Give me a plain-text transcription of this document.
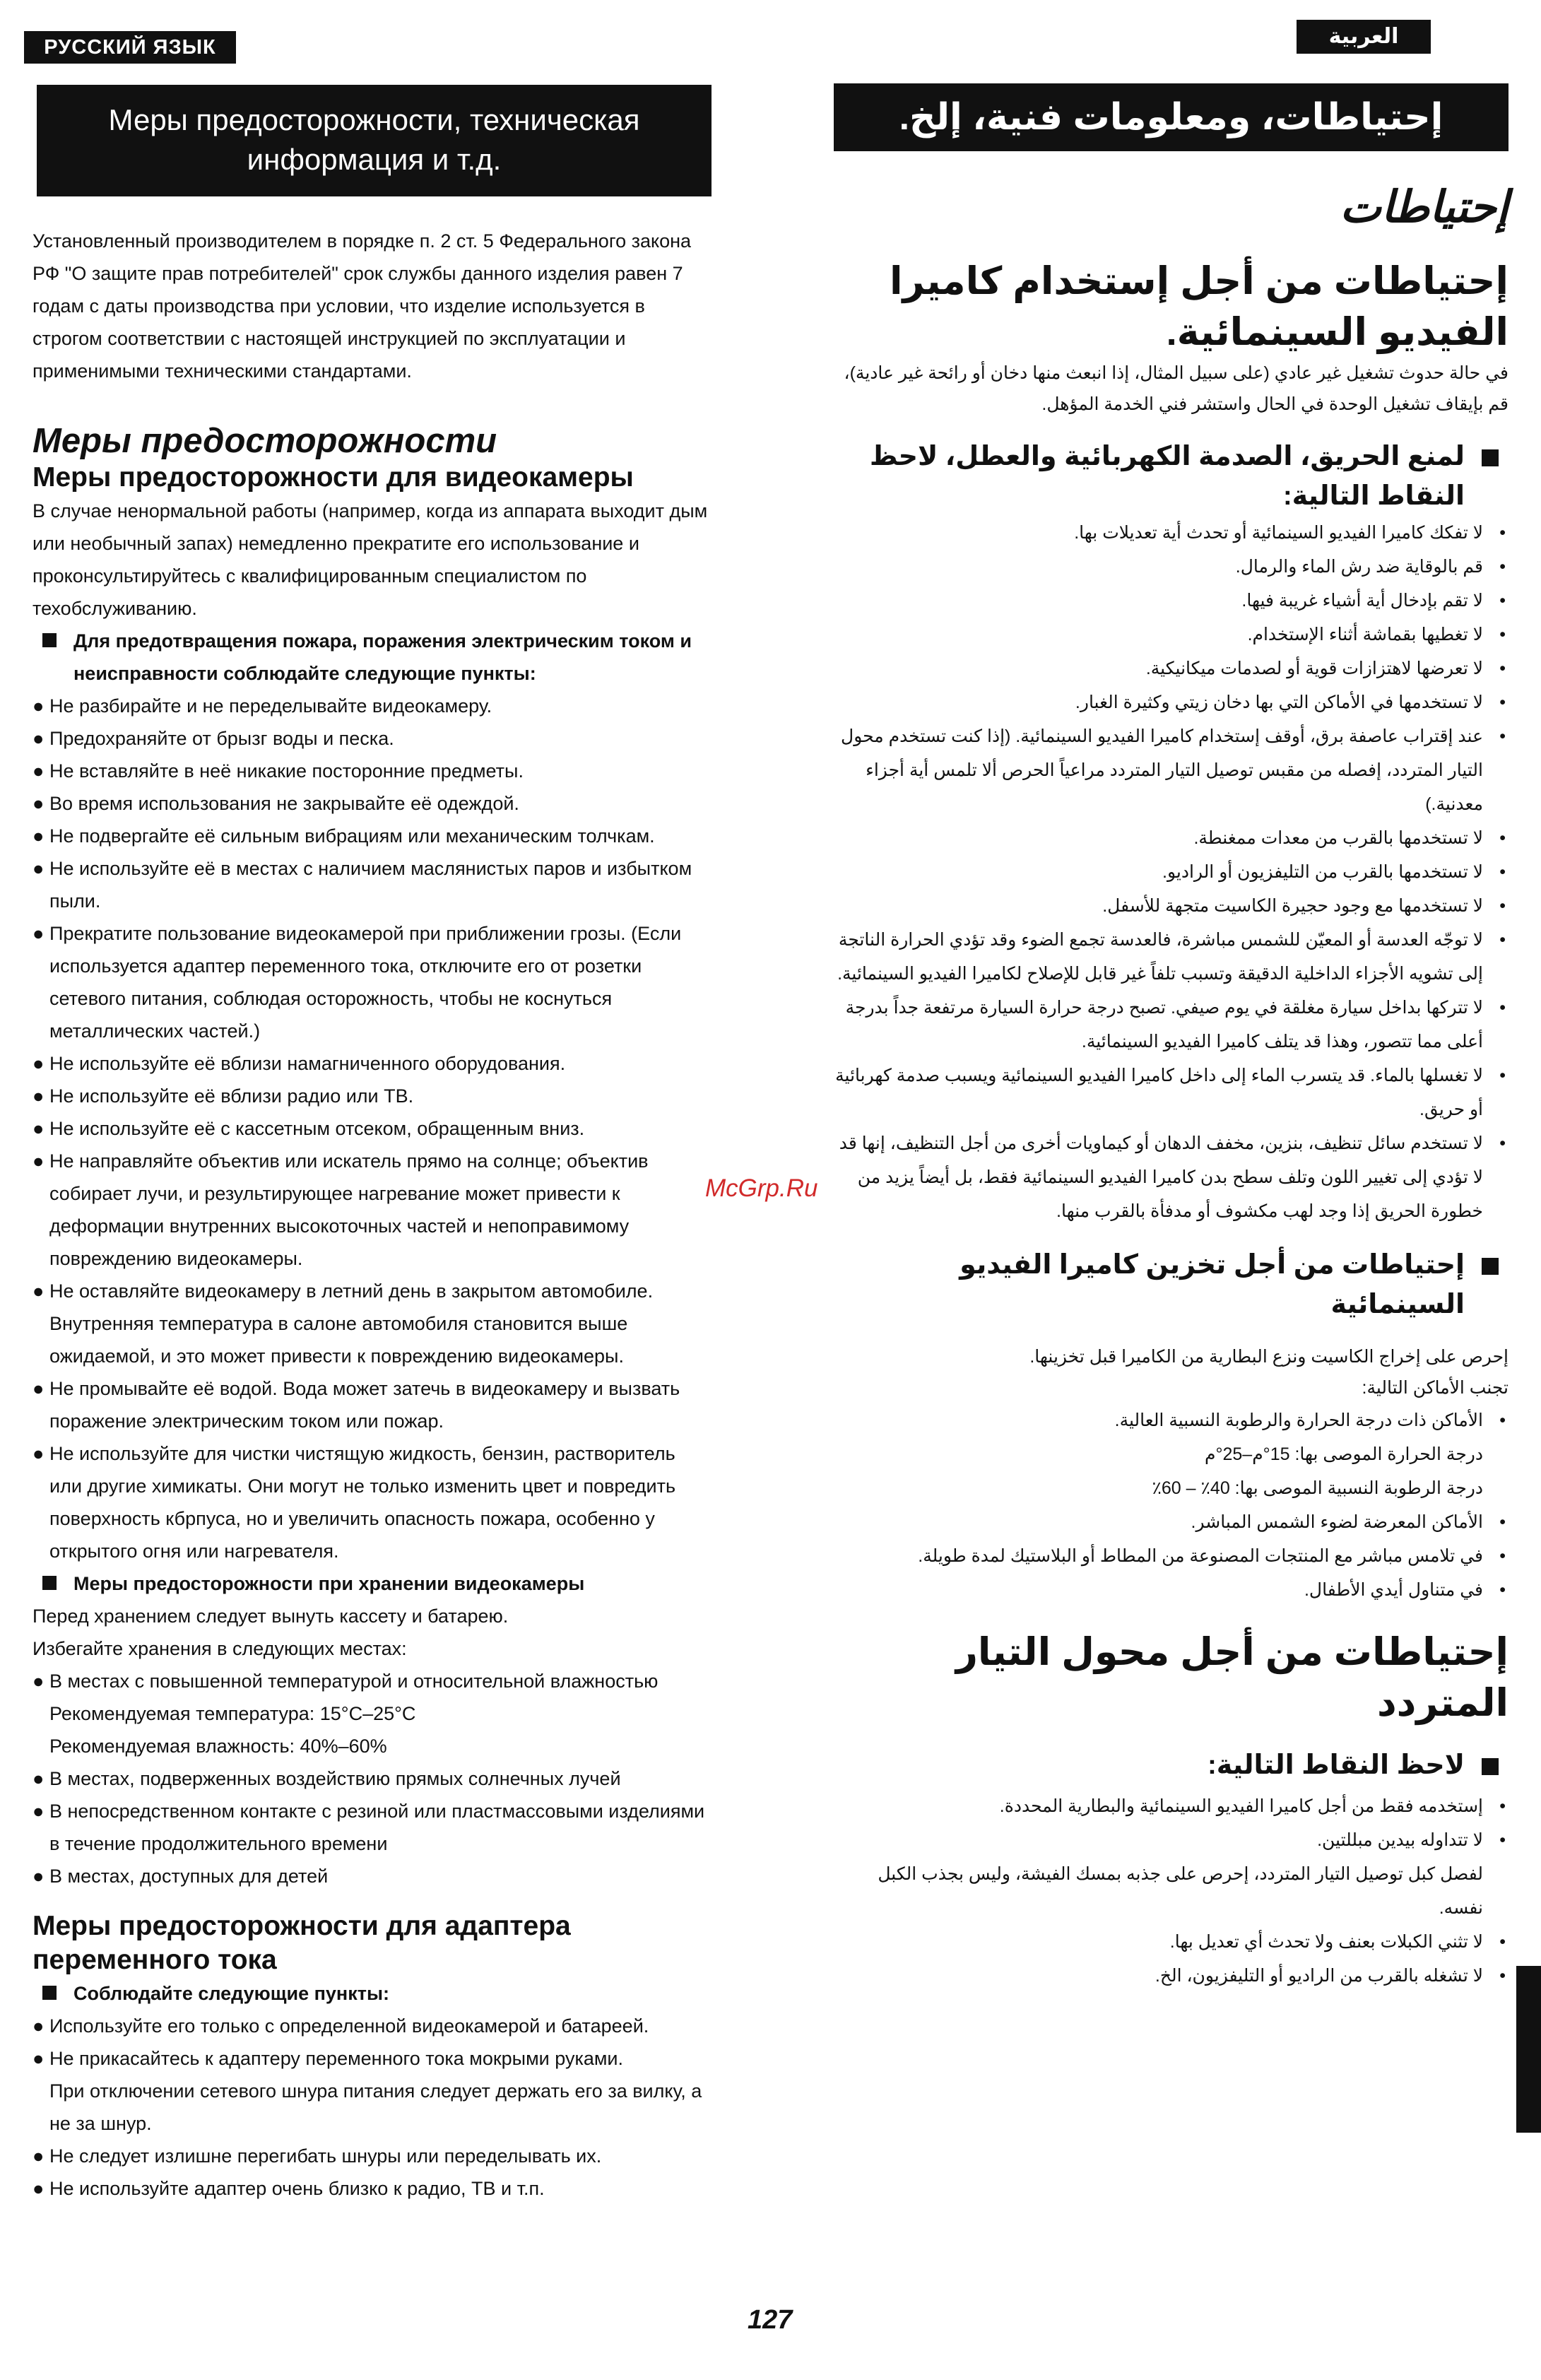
РУССКИЙ ЯЗЫК	العربية
Меры предосторожности, техническая информация и т.д.
Установленный производителем в порядке п. 2 ст. 5 Федерального закона РФ "О защите прав потребителей" срок службы данного изделия равен 7 годам с даты производства при условии, что изделие используется в строгом соответствии с настоящей инструкцией по эксплуатации и применимыми техническими стандартами.
Меры предосторожности
Меры предосторожности для видеокамеры
В случае ненормальной работы (например, когда из аппарата выходит дым или необычный запах) немедленно прекратите его использование и проконсультируйтесь с квалифицированным специалистом по техобслуживанию.
Для предотвращения пожара, поражения электрическим током и неисправности соблюдайте следующие пункты:
● Не разбирайте и не переделывайте видеокамеру.
● Предохраняйте от брызг воды и песка.
● Не вставляйте в неё никакие посторонние предметы.
● Во время использования не закрывайте её одеждой.
● Не подвергайте её сильным вибрациям или механическим толчкам.
● Не используйте её в местах с наличием маслянистых паров и избытком пыли.
● Прекратите пользование видеокамерой при приближении грозы. (Если используется адаптер переменного тока, отключите его от розетки сетевого питания, соблюдая осторожность, чтобы не коснуться металлических частей.)
● Не используйте её вблизи намагниченного оборудования.
● Не используйте её вблизи радио или ТВ.
● Не используйте её с кассетным отсеком, обращенным вниз.
● Не направляйте объектив или искатель прямо на солнце; объектив собирает лучи, и результирующее нагревание может привести к деформации внутренних высокоточных частей и непоправимому повреждению видеокамеры.
● Не оставляйте видеокамеру в летний день в закрытом автомобиле. Внутренняя температура в салоне автомобиля становится выше ожидаемой, и это может привести к повреждению видеокамеры.
● Не промывайте её водой. Вода может затечь в видеокамеру и вызвать поражение электрическим током или пожар.
● Не используйте для чистки чистящую жидкость, бензин, растворитель или другие химикаты. Они могут не только изменить цвет и повредить поверхность кбрпуса, но и увеличить опасность пожара, особенно у открытого огня или нагревателя.
Меры предосторожности при хранении видеокамеры
Перед хранением следует вынуть кассету и батарею.
Избегайте хранения в следующих местах:
● В местах с повышенной температурой и относительной влажностью
Рекомендуемая температура: 15°C–25°C
Рекомендуемая влажность: 40%–60%
● В местах, подверженных воздействию прямых солнечных лучей
● В непосредственном контакте с резиной или пластмассовыми изделиями в течение продолжительного времени
● В местах, доступных для детей
Меры предосторожности для адаптера переменного тока
Соблюдайте следующие пункты:
● Используйте его только с определенной видеокамерой и батареей.
● Не прикасайтесь к адаптеру переменного тока мокрыми руками.
При отключении сетевого шнура питания следует держать его за вилку, а не за шнур.
● Не следует излишне перегибать шнуры или переделывать их.
● Не используйте адаптер очень близко к радио, ТВ и т.п.
إحتياطات، ومعلومات فنية، إلخ.
إحتياطات
إحتياطات من أجل إستخدام كاميرا الفيديو السينمائية.
في حالة حدوث تشغيل غير عادي (على سبيل المثال، إذا انبعث منها دخان أو رائحة غير عادية)، قم بإيقاف تشغيل الوحدة في الحال واستشر فني الخدمة المؤهل.
لمنع الحريق، الصدمة الكهربائية والعطل، لاحظ النقاط التالية:
•
لا تفكك كاميرا الفيديو السينمائية أو تحدث أية تعديلات بها.
•
قم بالوقاية ضد رش الماء والرمال.
•
لا تقم بإدخال أية أشياء غريبة فيها.
•
لا تغطيها بقماشة أثناء الإستخدام.
•
لا تعرضها لاهتزازات قوية أو لصدمات ميكانيكية.
•
لا تستخدمها في الأماكن التي بها دخان زيتي وكثيرة الغبار.
•
عند إقتراب عاصفة برق، أوقف إستخدام كاميرا الفيديو السينمائية. (إذا كنت تستخدم محول التيار المتردد، إفصله من مقبس توصيل التيار المتردد مراعياً الحرص ألا تلمس أية أجزاء معدنية.)
•
لا تستخدمها بالقرب من معدات ممغنطة.
•
لا تستخدمها بالقرب من التليفزيون أو الراديو.
•
لا تستخدمها مع وجود حجيرة الكاسيت متجهة للأسفل.
•
لا توجّه العدسة أو المعيّن للشمس مباشرة، فالعدسة تجمع الضوء وقد تؤدي الحرارة الناتجة إلى تشويه الأجزاء الداخلية الدقيقة وتسبب تلفاً غير قابل للإصلاح لكاميرا الفيديو السينمائية.
•
لا تتركها بداخل سيارة مغلقة في يوم صيفي. تصبح درجة حرارة السيارة مرتفعة جداً بدرجة أعلى مما تتصور، وهذا قد يتلف كاميرا الفيديو السينمائية.
•
لا تغسلها بالماء. قد يتسرب الماء إلى داخل كاميرا الفيديو السينمائية ويسبب صدمة كهربائية أو حريق.
•
لا تستخدم سائل تنظيف، بنزين، مخفف الدهان أو كيماويات أخرى من أجل التنظيف، إنها قد لا تؤدي إلى تغيير اللون وتلف سطح بدن كاميرا الفيديو السينمائية فقط، بل أيضاً يزيد من خطورة الحريق إذا وجد لهب مكشوف أو مدفأة بالقرب منها.
إحتياطات من أجل تخزين كاميرا الفيديو السينمائية
إحرص على إخراج الكاسيت ونزع البطارية من الكاميرا قبل تخزينها.
تجنب الأماكن التالية:
•
الأماكن ذات درجة الحرارة والرطوبة النسبية العالية.
درجة الحرارة الموصى بها: 15°م–25°م
درجة الرطوبة النسبية الموصى بها: 40٪ – 60٪
•
الأماكن المعرضة لضوء الشمس المباشر.
•
في تلامس مباشر مع المنتجات المصنوعة من المطاط أو البلاستيك لمدة طويلة.
•
في متناول أيدي الأطفال.
إحتياطات من أجل محول التيار المتردد
لاحظ النقاط التالية:
•
إستخدمه فقط من أجل كاميرا الفيديو السينمائية والبطارية المحددة.
•
لا تتداوله بيدين مبللتين.
لفصل كبل توصيل التيار المتردد، إحرص على جذبه بمسك الفيشة، وليس بجذب الكبل نفسه.
•
لا تثني الكبلات بعنف ولا تحدث أي تعديل بها.
•
لا تشغله بالقرب من الراديو أو التليفزيون، الخ.
McGrp.Ru
127
